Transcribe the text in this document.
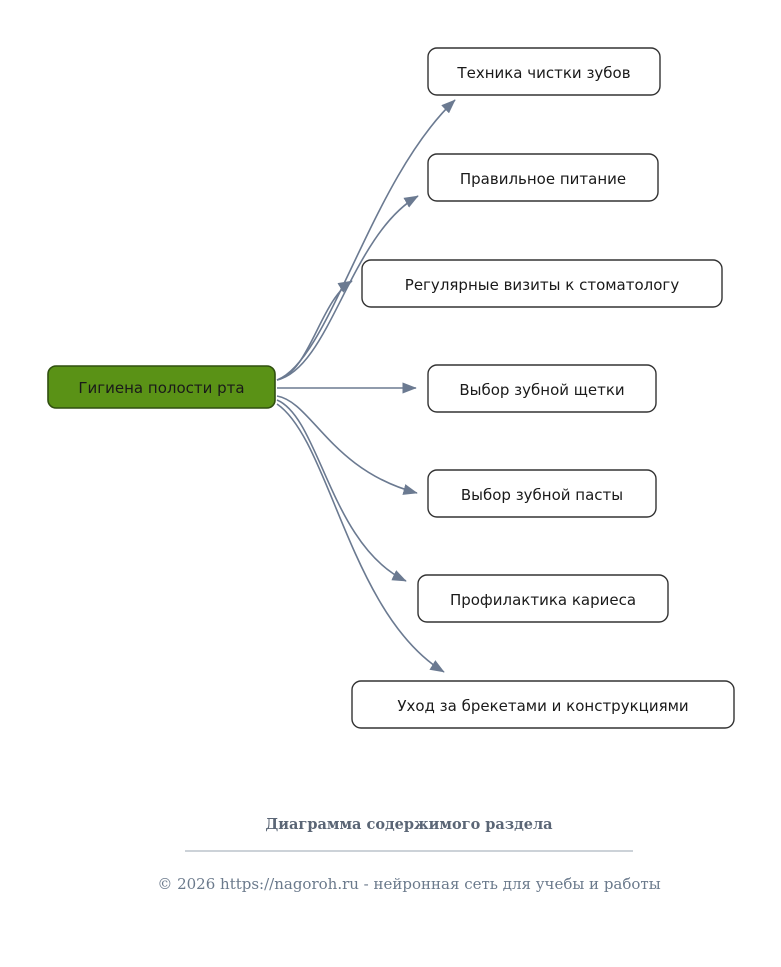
Гигиена полости рта
Техника чистки зубов
Правильное питание
Регулярные визиты к стоматологу
Выбор зубной щетки
Выбор зубной пасты
Профилактика кариеса
Уход за брекетами и конструкциями
Диаграмма содержимого раздела
© 2026 https://nagoroh.ru - нейронная сеть для учебы и работы
